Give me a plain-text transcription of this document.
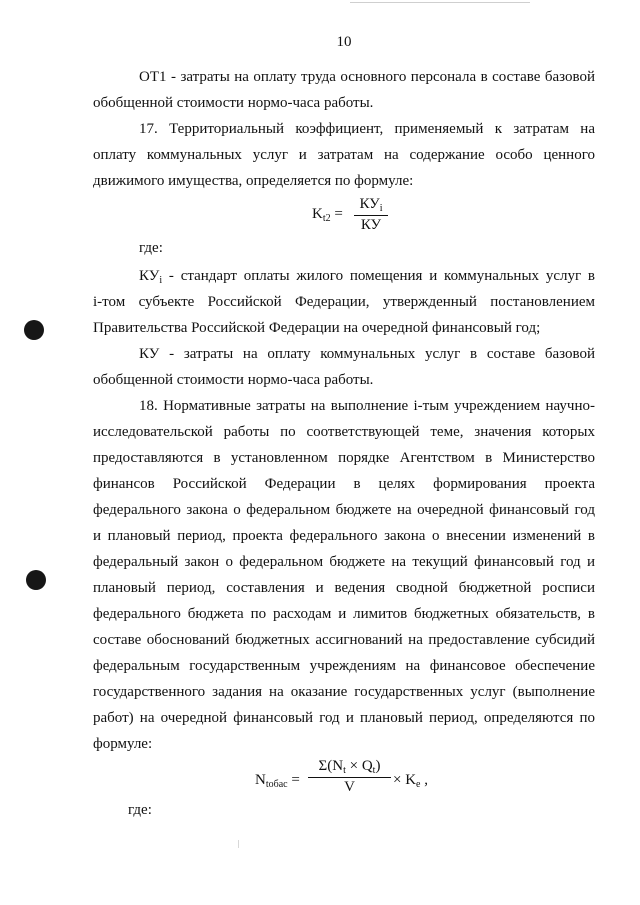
10
ОТ1 - затраты на оплату труда основного персонала в составе базовой
обобщенной стоимости нормо-часа работы.
17. Территориальный коэффициент, применяемый к затратам на
оплату коммунальных услуг и затратам на содержание особо ценного
движимого имущества, определяется по формуле:
$K_{t2}$ =
$КУ_i$
КУ
где:
$КУ_i$ - стандарт оплаты жилого помещения и коммунальных услуг в
i-том субъекте Российской Федерации, утвержденный постановлением
Правительства Российской Федерации на очередной финансовый год;
КУ - затраты на оплату коммунальных услуг в составе базовой
обобщенной стоимости нормо-часа работы.
18. Нормативные затраты на выполнение i-тым учреждением научно-
исследовательской работы по соответствующей теме, значения которых
предоставляются в установленном порядке Агентством в Министерство
финансов Российской Федерации в целях формирования проекта
федерального закона о федеральном бюджете на очередной финансовый год
и плановый период, проекта федерального закона о внесении изменений в
федеральный закон о федеральном бюджете на текущий финансовый год и
плановый период, составления и ведения сводной бюджетной росписи
федерального бюджета по расходам и лимитов бюджетных обязательств, в
составе обоснований бюджетных ассигнований на предоставление субсидий
федеральным государственным учреждениям на финансовое обеспечение
государственного задания на оказание государственных услуг (выполнение
работ) на очередной финансовый год и плановый период, определяются по
формуле:
$N_{toбac} = \frac{\Sigma(N_t \times Q_t)}{V} \times K_e$ ,
где:
